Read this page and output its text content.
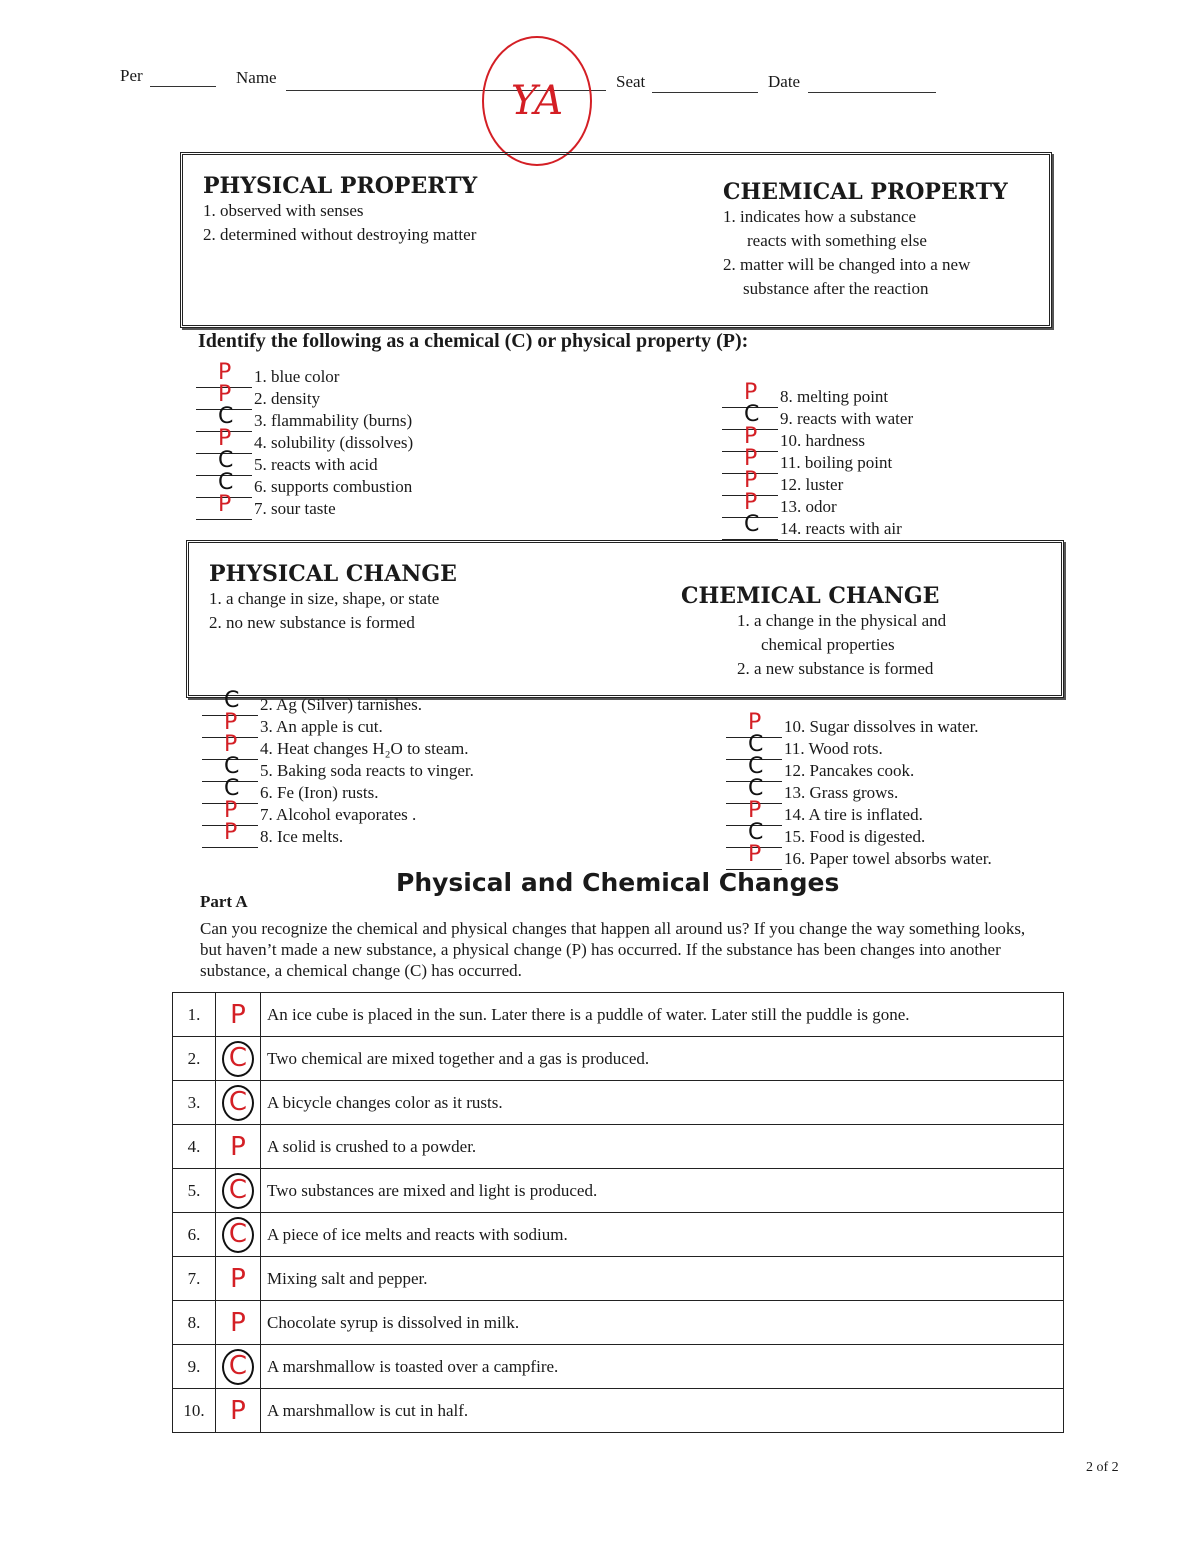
Per	Name	Seat	Date
YA
PHYSICAL PROPERTY
1. observed with senses
2. determined without destroying matter
CHEMICAL PROPERTY
1. indicates how a substance
reacts with something else
2. matter will be changed into a new
substance after the reaction
Identify the following as a chemical (C) or physical property (P):
P 1. blue color
P 2. density
C 3. flammability (burns)
P 4. solubility (dissolves)
C 5. reacts with acid
C 6. supports combustion
P 7. sour taste
P 8. melting point
C 9. reacts with water
P 10. hardness
P 11. boiling point
P 12. luster
P 13. odor
C 14. reacts with air
PHYSICAL CHANGE
1. a change in size, shape, or state
2. no new substance is formed
CHEMICAL CHANGE
1. a change in the physical and
chemical properties
2. a new substance is formed
C 2. Ag (Silver) tarnishes.
P 3. An apple is cut.
P 4. Heat changes H₂O to steam.
C 5. Baking soda reacts to vinger.
C 6. Fe (Iron) rusts.
P 7. Alcohol evaporates .
P 8. Ice melts.
P 10. Sugar dissolves in water.
C 11. Wood rots.
C 12. Pancakes cook.
C 13. Grass grows.
P 14. A tire is inflated.
C 15. Food is digested.
P 16. Paper towel absorbs water.
Physical and Chemical Changes
Part A
Can you recognize the chemical and physical changes that happen all around us? If you change the way something looks, but haven’t made a new substance, a physical change (P) has occurred. If the substance has been changes into another substance, a chemical change (C) has occurred.
1.	P	An ice cube is placed in the sun. Later there is a puddle of water. Later still the puddle is gone.
2.	C	Two chemical are mixed together and a gas is produced.
3.	C	A bicycle changes color as it rusts.
4.	P	A solid is crushed to a powder.
5.	C	Two substances are mixed and light is produced.
6.	C	A piece of ice melts and reacts with sodium.
7.	P	Mixing salt and pepper.
8.	P	Chocolate syrup is dissolved in milk.
9.	C	A marshmallow is toasted over a campfire.
10.	P	A marshmallow is cut in half.
2 of 2
